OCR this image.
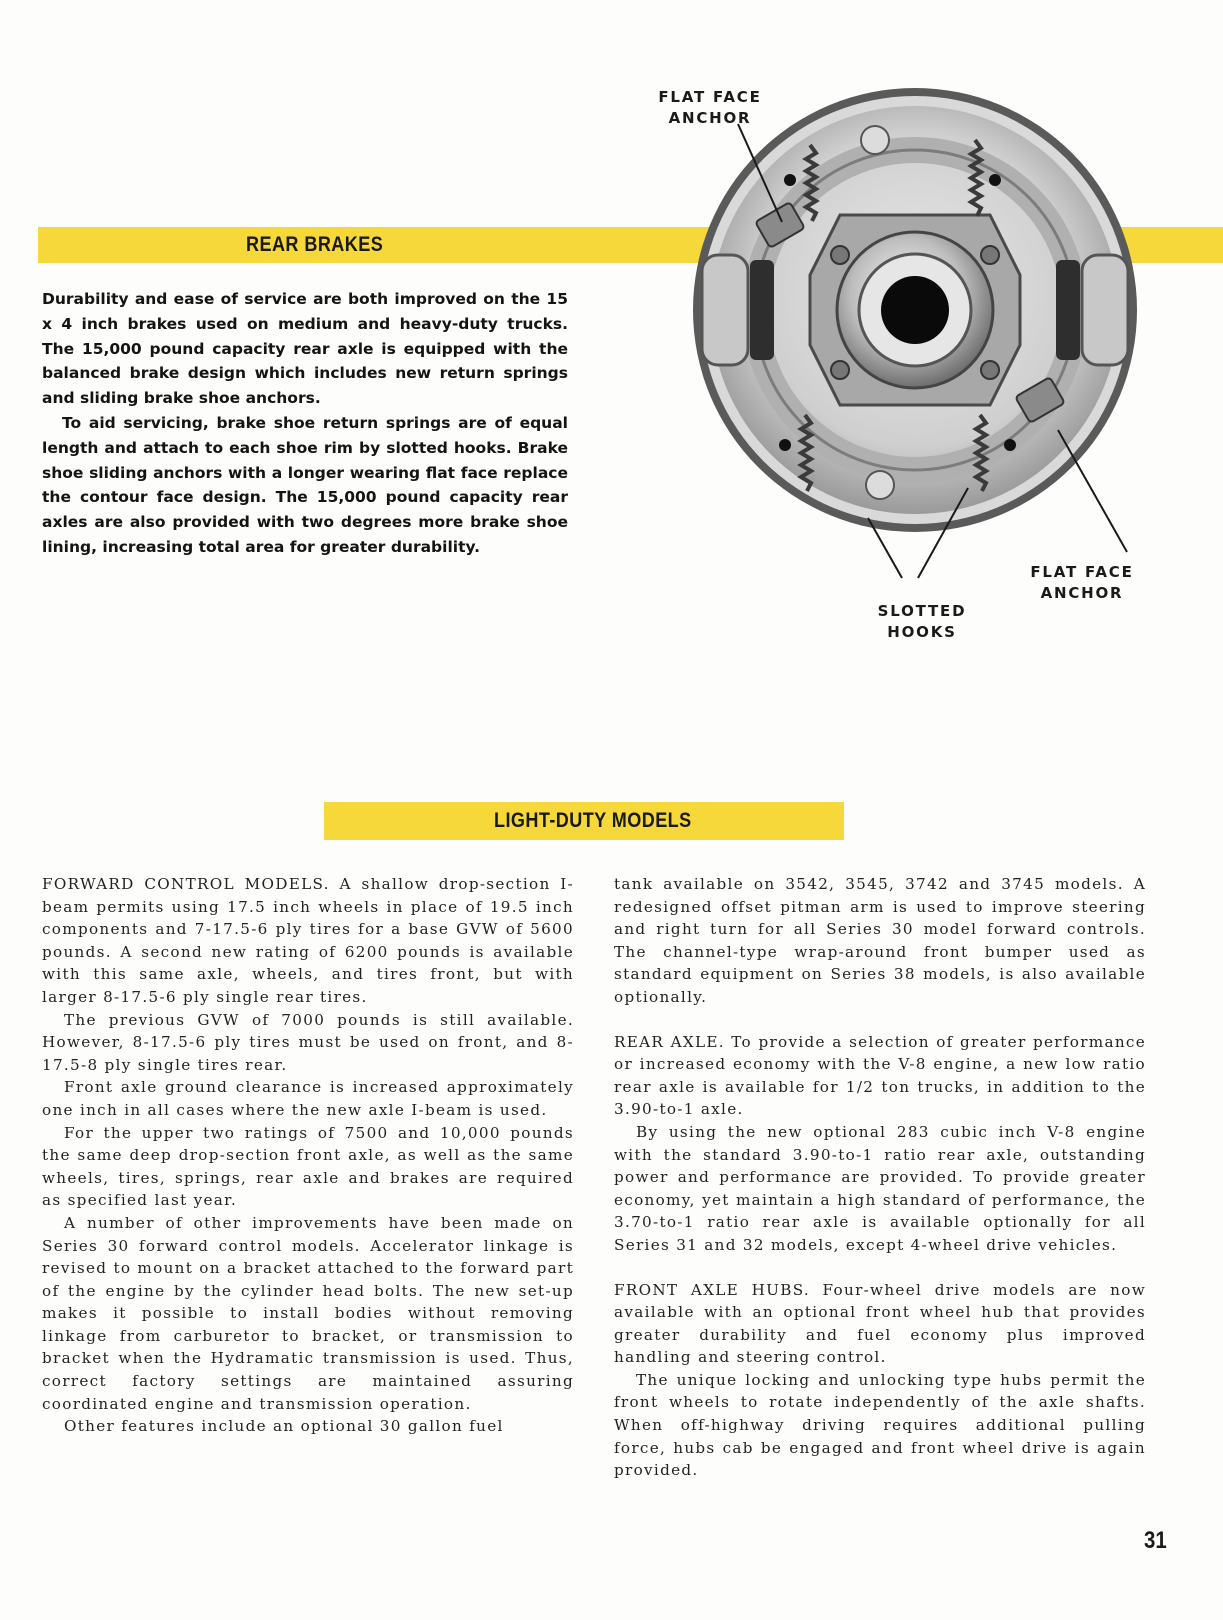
REAR BRAKES

Durability and ease of service are both improved on the 15 x 4 inch brakes used on medium and heavy-duty trucks. The 15,000 pound capacity rear axle is equipped with the balanced brake design which includes new return springs and sliding brake shoe anchors.

To aid servicing, brake shoe return springs are of equal length and attach to each shoe rim by slotted hooks. Brake shoe sliding anchors with a longer wearing flat face replace the contour face design. The 15,000 pound capacity rear axles are also provided with two degrees more brake shoe lining, increasing total area for greater durability.

FLAT FACE
ANCHOR
FLAT FACE
ANCHOR
SLOTTED
HOOKS
LIGHT-DUTY MODELS

FORWARD CONTROL MODELS. A shallow drop-section I-beam permits using 17.5 inch wheels in place of 19.5 inch components and 7-17.5-6 ply tires for a base GVW of 5600 pounds. A second new rating of 6200 pounds is available with this same axle, wheels, and tires front, but with larger 8-17.5-6 ply single rear tires.

The previous GVW of 7000 pounds is still available. However, 8-17.5-6 ply tires must be used on front, and 8-17.5-8 ply single tires rear.

Front axle ground clearance is increased approximately one inch in all cases where the new axle I-beam is used.

For the upper two ratings of 7500 and 10,000 pounds the same deep drop-section front axle, as well as the same wheels, tires, springs, rear axle and brakes are required as specified last year.

A number of other improvements have been made on Series 30 forward control models. Accelerator linkage is revised to mount on a bracket attached to the forward part of the engine by the cylinder head bolts. The new set-up makes it possible to install bodies without removing linkage from carburetor to bracket, or transmission to bracket when the Hydramatic transmission is used. Thus, correct factory settings are maintained assuring coordinated engine and transmission operation.

Other features include an optional 30 gallon fuel

tank available on 3542, 3545, 3742 and 3745 models. A redesigned offset pitman arm is used to improve steering and right turn for all Series 30 model forward controls. The channel-type wrap-around front bumper used as standard equipment on Series 38 models, is also available optionally.

REAR AXLE. To provide a selection of greater performance or increased economy with the V-8 engine, a new low ratio rear axle is available for 1/2 ton trucks, in addition to the 3.90-to-1 axle.

By using the new optional 283 cubic inch V-8 engine with the standard 3.90-to-1 ratio rear axle, outstanding power and performance are provided. To provide greater economy, yet maintain a high standard of performance, the 3.70-to-1 ratio rear axle is available optionally for all Series 31 and 32 models, except 4-wheel drive vehicles.

FRONT AXLE HUBS. Four-wheel drive models are now available with an optional front wheel hub that provides greater durability and fuel economy plus improved handling and steering control.

The unique locking and unlocking type hubs permit the front wheels to rotate independently of the axle shafts. When off-highway driving requires additional pulling force, hubs cab be engaged and front wheel drive is again provided.

31
